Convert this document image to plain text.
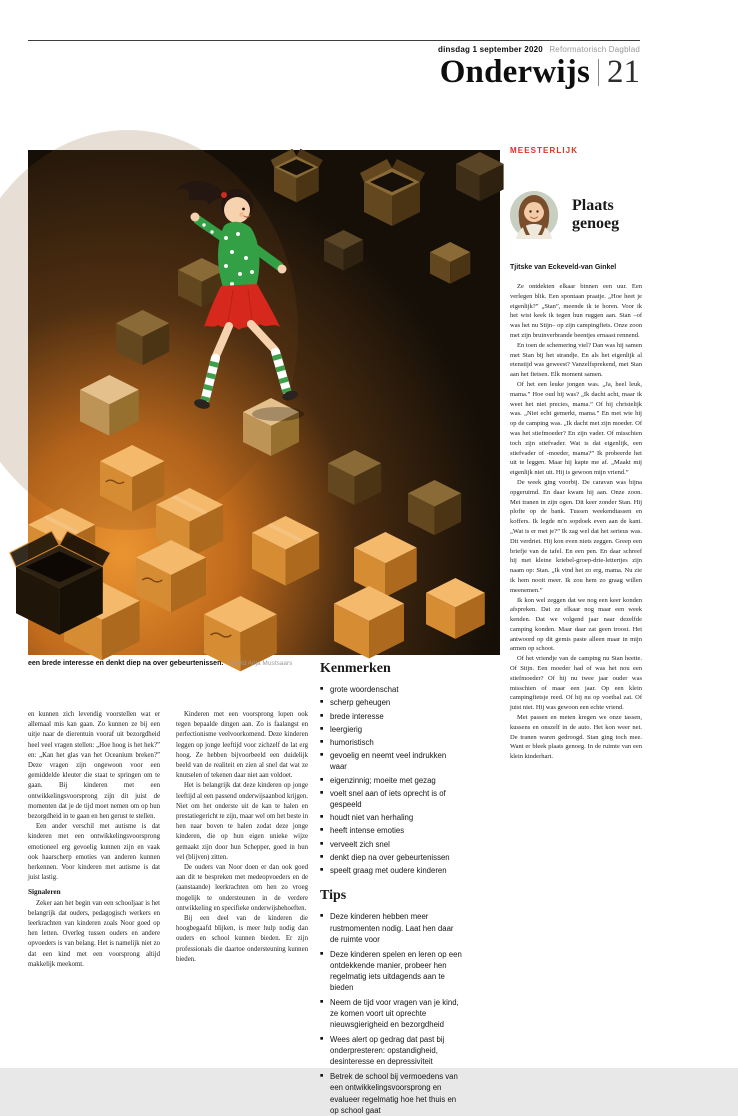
dinsdag 1 september 2020 Reformatorisch Dagblad
Onderwijs 21
een brede interesse en denkt diep na over gebeurtenissen. beeld Anja Mustsaars

en kunnen zich levendig voorstellen wat er allemaal mis kan gaan. Zo kunnen ze bij een uitje naar de dierentuin vooraf uit bezorgdheid heel veel vragen stellen: „Hoe hoog is het hek?” en: „Kan het glas van het Oceanium breken?” Deze vragen zijn ongewoon voor een gemiddelde kleuter die staat te springen om te gaan. Bij kinderen met een ontwikkelingsvoorsprong zijn dit juist de momenten dat je de tijd moet nemen om op hun bezorgdheid in te gaan en hen gerust te stellen.

Een ander verschil met autisme is dat kinderen met een ontwikkelingsvoorsprong emotioneel erg gevoelig kunnen zijn en vaak ook haarscherp emoties van anderen kunnen herkennen. Voor kinderen met autisme is dat juist lastig.

Signaleren

Zeker aan het begin van een schooljaar is het belangrijk dat ouders, pedagogisch werkers en leerkrachten van kinderen zoals Noor goed op hen letten. Overleg tussen ouders en andere opvoeders is van belang. Het is namelijk niet zo dat een kind met een voorsprong altijd makkelijk meekomt.

Kinderen met een voorsprong lopen ook tegen bepaalde dingen aan. Zo is faalangst en perfectionisme veelvoorkomend. Deze kinderen leggen op jonge leeftijd voor zichzelf de lat erg hoog. Ze hebben bijvoorbeeld een duidelijk beeld van de realiteit en zien al snel dat wat ze knutselen of tekenen daar niet aan voldoet.

Het is belangrijk dat deze kinderen op jonge leeftijd al een passend onderwijsaanbod krijgen. Niet om het onderste uit de kan te halen en prestatiegericht te zijn, maar wel om het beste in hen naar boven te halen zodat deze jonge kinderen, die op hun eigen unieke wijze gemaakt zijn door hun Schepper, goed in hun vel (blijven) zitten.

De ouders van Noor doen er dan ook goed aan dit te bespreken met medeopvoeders en de (aanstaande) leerkrachten om hen zo vroeg mogelijk te ondersteunen in de verdere ontwikkeling en specifieke onderwijsbehoeften.

Bij een deel van de kinderen die hoogbegaafd blijken, is meer hulp nodig dan ouders en school kunnen bieden. Er zijn professionals die daartoe ondersteuning kunnen bieden.

Kenmerken
■ grote woordenschat
■ scherp geheugen
■ brede interesse
■ leergierig
■ humoristisch
■ gevoelig en neemt veel indrukken waar
■ eigenzinnig; moeite met gezag
■ voelt snel aan of iets oprecht is of gespeeld
■ houdt niet van herhaling
■ heeft intense emoties
■ verveelt zich snel
■ denkt diep na over gebeurtenissen
■ speelt graag met oudere kinderen
Tips
■ Deze kinderen hebben meer rustmomenten nodig. Laat hen daar de ruimte voor
■ Deze kinderen spelen en leren op een ontdekkende manier, probeer hen regelmatig iets uitdagends aan te bieden
■ Neem de tijd voor vragen van je kind, ze komen voort uit oprechte nieuwsgierigheid en bezorgdheid
■ Wees alert op gedrag dat past bij onderpresteren: opstandigheid, desinteresse en depressiviteit
■ Betrek de school bij vermoedens van een ontwikkelingsvoorsprong en evalueer regelmatig hoe het thuis en op school gaat
MEESTERLIJK
Plaats genoeg
Tjitske van Eckeveld-van Ginkel

Ze ontdekten elkaar binnen een uur. Een verlegen blik. Een spontaan praatje. „Hoe heet je eigenlijk?” „Stan”, meende ik te horen. Voor ik het wist keek ik tegen hun ruggen aan. Stan –of was het nu Stijn– op zijn campingfiets. Onze zoon met zijn bruinverbrande beentjes ernaast rennend.

En toen de schemering viel? Dan was hij samen met Stan bij het strandje. En als het eigenlijk al etenstijd was geweest? Vanzelfsprekend, met Stan aan het fietsen. Elk moment samen.

Of het een leuke jongen was. „Ja, heel leuk, mama.” Hoe oud hij was? „Ik dacht acht, maar ik weet het niet precies, mama.” Of hij christelijk was. „Niet echt gemerkt, mama.” En met wie hij op de camping was. „Ik dacht met zijn moeder. Of was het stiefmoeder? En zijn vader. Of misschien toch zijn stiefvader. Wat is dat eigenlijk, een stiefvader of -moeder, mama?” Ik probeerde het uit te leggen. Maar hij kapte me af. „Maakt mij eigenlijk niet uit. Hij is gewoon mijn vriend.”

De week ging voorbij. De caravan was bijna opgeruimd. En daar kwam hij aan. Onze zoon. Met tranen in zijn ogen. Dit keer zonder Stan. Hij plofte op de bank. Tussen weekendtassen en koffers. Ik legde m'n sopdoek even aan de kant. „Wat is er met je?” Ik zag wel dat het serieus was. Dit verdriet. Hij kon even niets zeggen. Greep een briefje van de tafel. En een pen. En daar schreef hij met kleine kriebel-groep-drie-lettertjes zijn naam op: Stan. „Ik vind het zo erg, mama. Nu zie ik hem nooit meer. Ik zou hem zo graag willen meenemen.”

Ik kon wel zeggen dat we nog een keer konden afspreken. Dat ze elkaar nog maar een week kenden. Dat we volgend jaar naar dezelfde camping konden. Maar daar zat geen troost. Het antwoord op dit gemis paste alleen maar in mijn armen op schoot.

Of het vriendje van de camping nu Stan heette. Of Stijn. Een moeder had of was het nou een stiefmoeder? Of hij nu twee jaar ouder was misschien of maar een jaar. Op een klein campingfietsje reed. Of hij nu op voetbal zat. Of juist niet. Hij was gewoon een echte vriend.

Met passen en meten kregen we onze tassen, kussens en onszelf in de auto. Het kon weer net. De tranen waren gedroogd. Stan ging toch mee. Want er bleek plaats genoeg. In de ruimte van een klein kinderhart.
